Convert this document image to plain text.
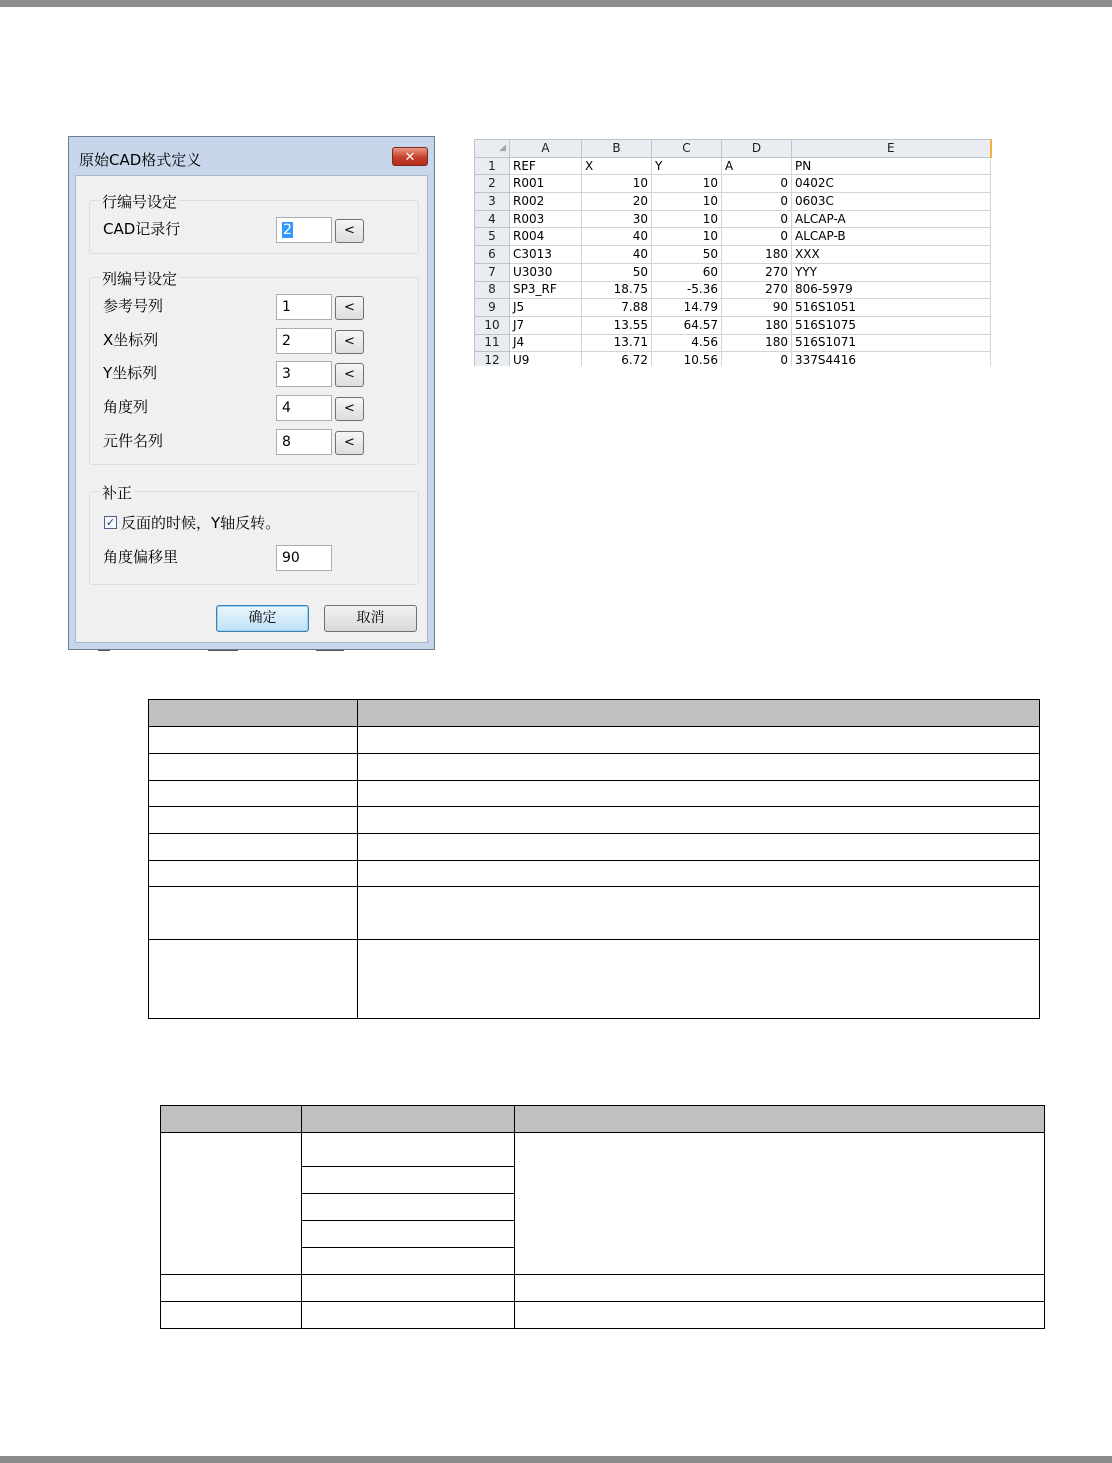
原始CAD格式定义	✕
行编号设定
CAD记录行	2	<
列编号设定
参考号列	1	<
X坐标列	2	<
Y坐标列	3	<
角度列	4	<
元件名列	8	<
补正
✓ 反面的时候，Y轴反转。
角度偏移里	90
确定	取消
◢	A	B	C	D	E
1	REF	X	Y	A	PN
2	R001	10	10	0	0402C
3	R002	20	10	0	0603C
4	R003	30	10	0	ALCAP-A
5	R004	40	10	0	ALCAP-B
6	C3013	40	50	180	XXX
7	U3030	50	60	270	YYY
8	SP3_RF	18.75	-5.36	270	806-5979
9	J5	7.88	14.79	90	516S1051
10	J7	13.55	64.57	180	516S1075
11	J4	13.71	4.56	180	516S1071
12	U9	6.72	10.56	0	337S4416
